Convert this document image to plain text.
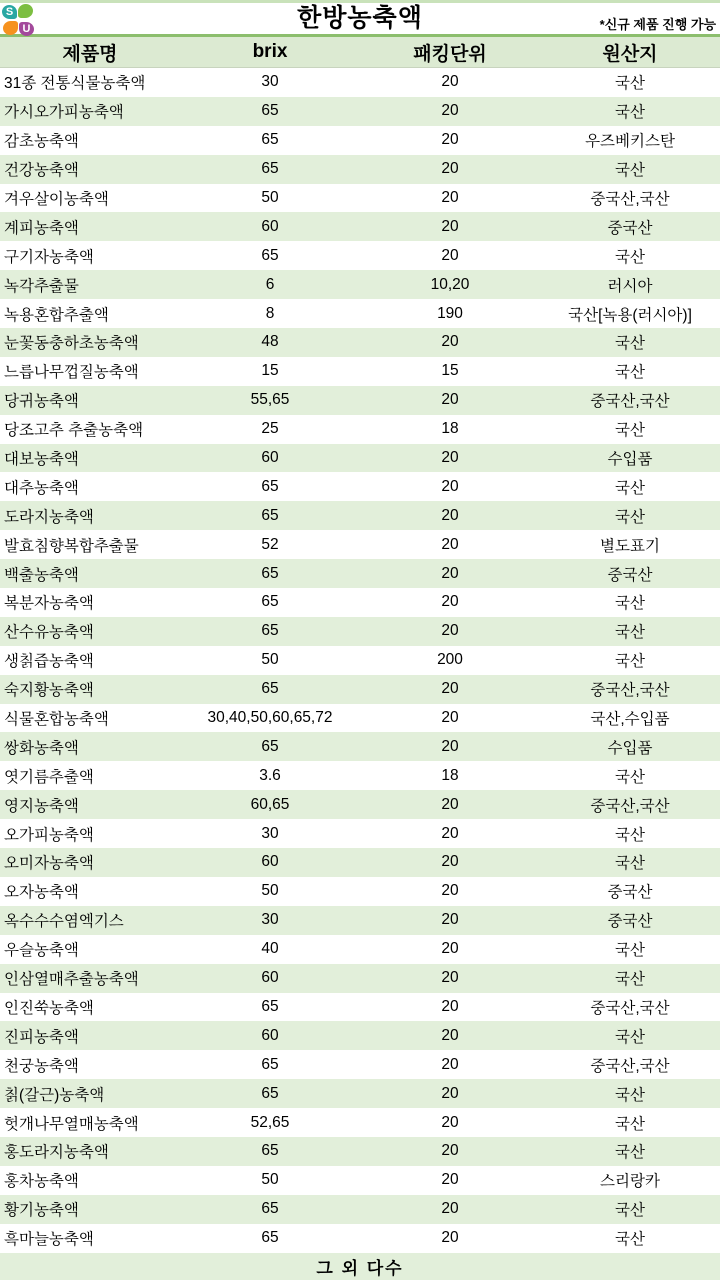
S
U	한방농축액	*신규 제품 진행 가능
제품명	brix	패킹단위	원산지
31종 전통식물농축액	30	20	국산
가시오가피농축액	65	20	국산
감초농축액	65	20	우즈베키스탄
건강농축액	65	20	국산
겨우살이농축액	50	20	중국산,국산
계피농축액	60	20	중국산
구기자농축액	65	20	국산
녹각추출물	6	10,20	러시아
녹용혼합추출액	8	190	국산[녹용(러시아)]
눈꽃동충하초농축액	48	20	국산
느릅나무껍질농축액	15	15	국산
당귀농축액	55,65	20	중국산,국산
당조고추 추출농축액	25	18	국산
대보농축액	60	20	수입품
대추농축액	65	20	국산
도라지농축액	65	20	국산
발효침향복합추출물	52	20	별도표기
백출농축액	65	20	중국산
복분자농축액	65	20	국산
산수유농축액	65	20	국산
생칡즙농축액	50	200	국산
숙지황농축액	65	20	중국산,국산
식물혼합농축액	30,40,50,60,65,72	20	국산,수입품
쌍화농축액	65	20	수입품
엿기름추출액	3.6	18	국산
영지농축액	60,65	20	중국산,국산
오가피농축액	30	20	국산
오미자농축액	60	20	국산
오자농축액	50	20	중국산
옥수수수염엑기스	30	20	중국산
우슬농축액	40	20	국산
인삼열매추출농축액	60	20	국산
인진쑥농축액	65	20	중국산,국산
진피농축액	60	20	국산
천궁농축액	65	20	중국산,국산
칡(갈근)농축액	65	20	국산
헛개나무열매농축액	52,65	20	국산
홍도라지농축액	65	20	국산
홍차농축액	50	20	스리랑카
황기농축액	65	20	국산
흑마늘농축액	65	20	국산
그 외 다수
